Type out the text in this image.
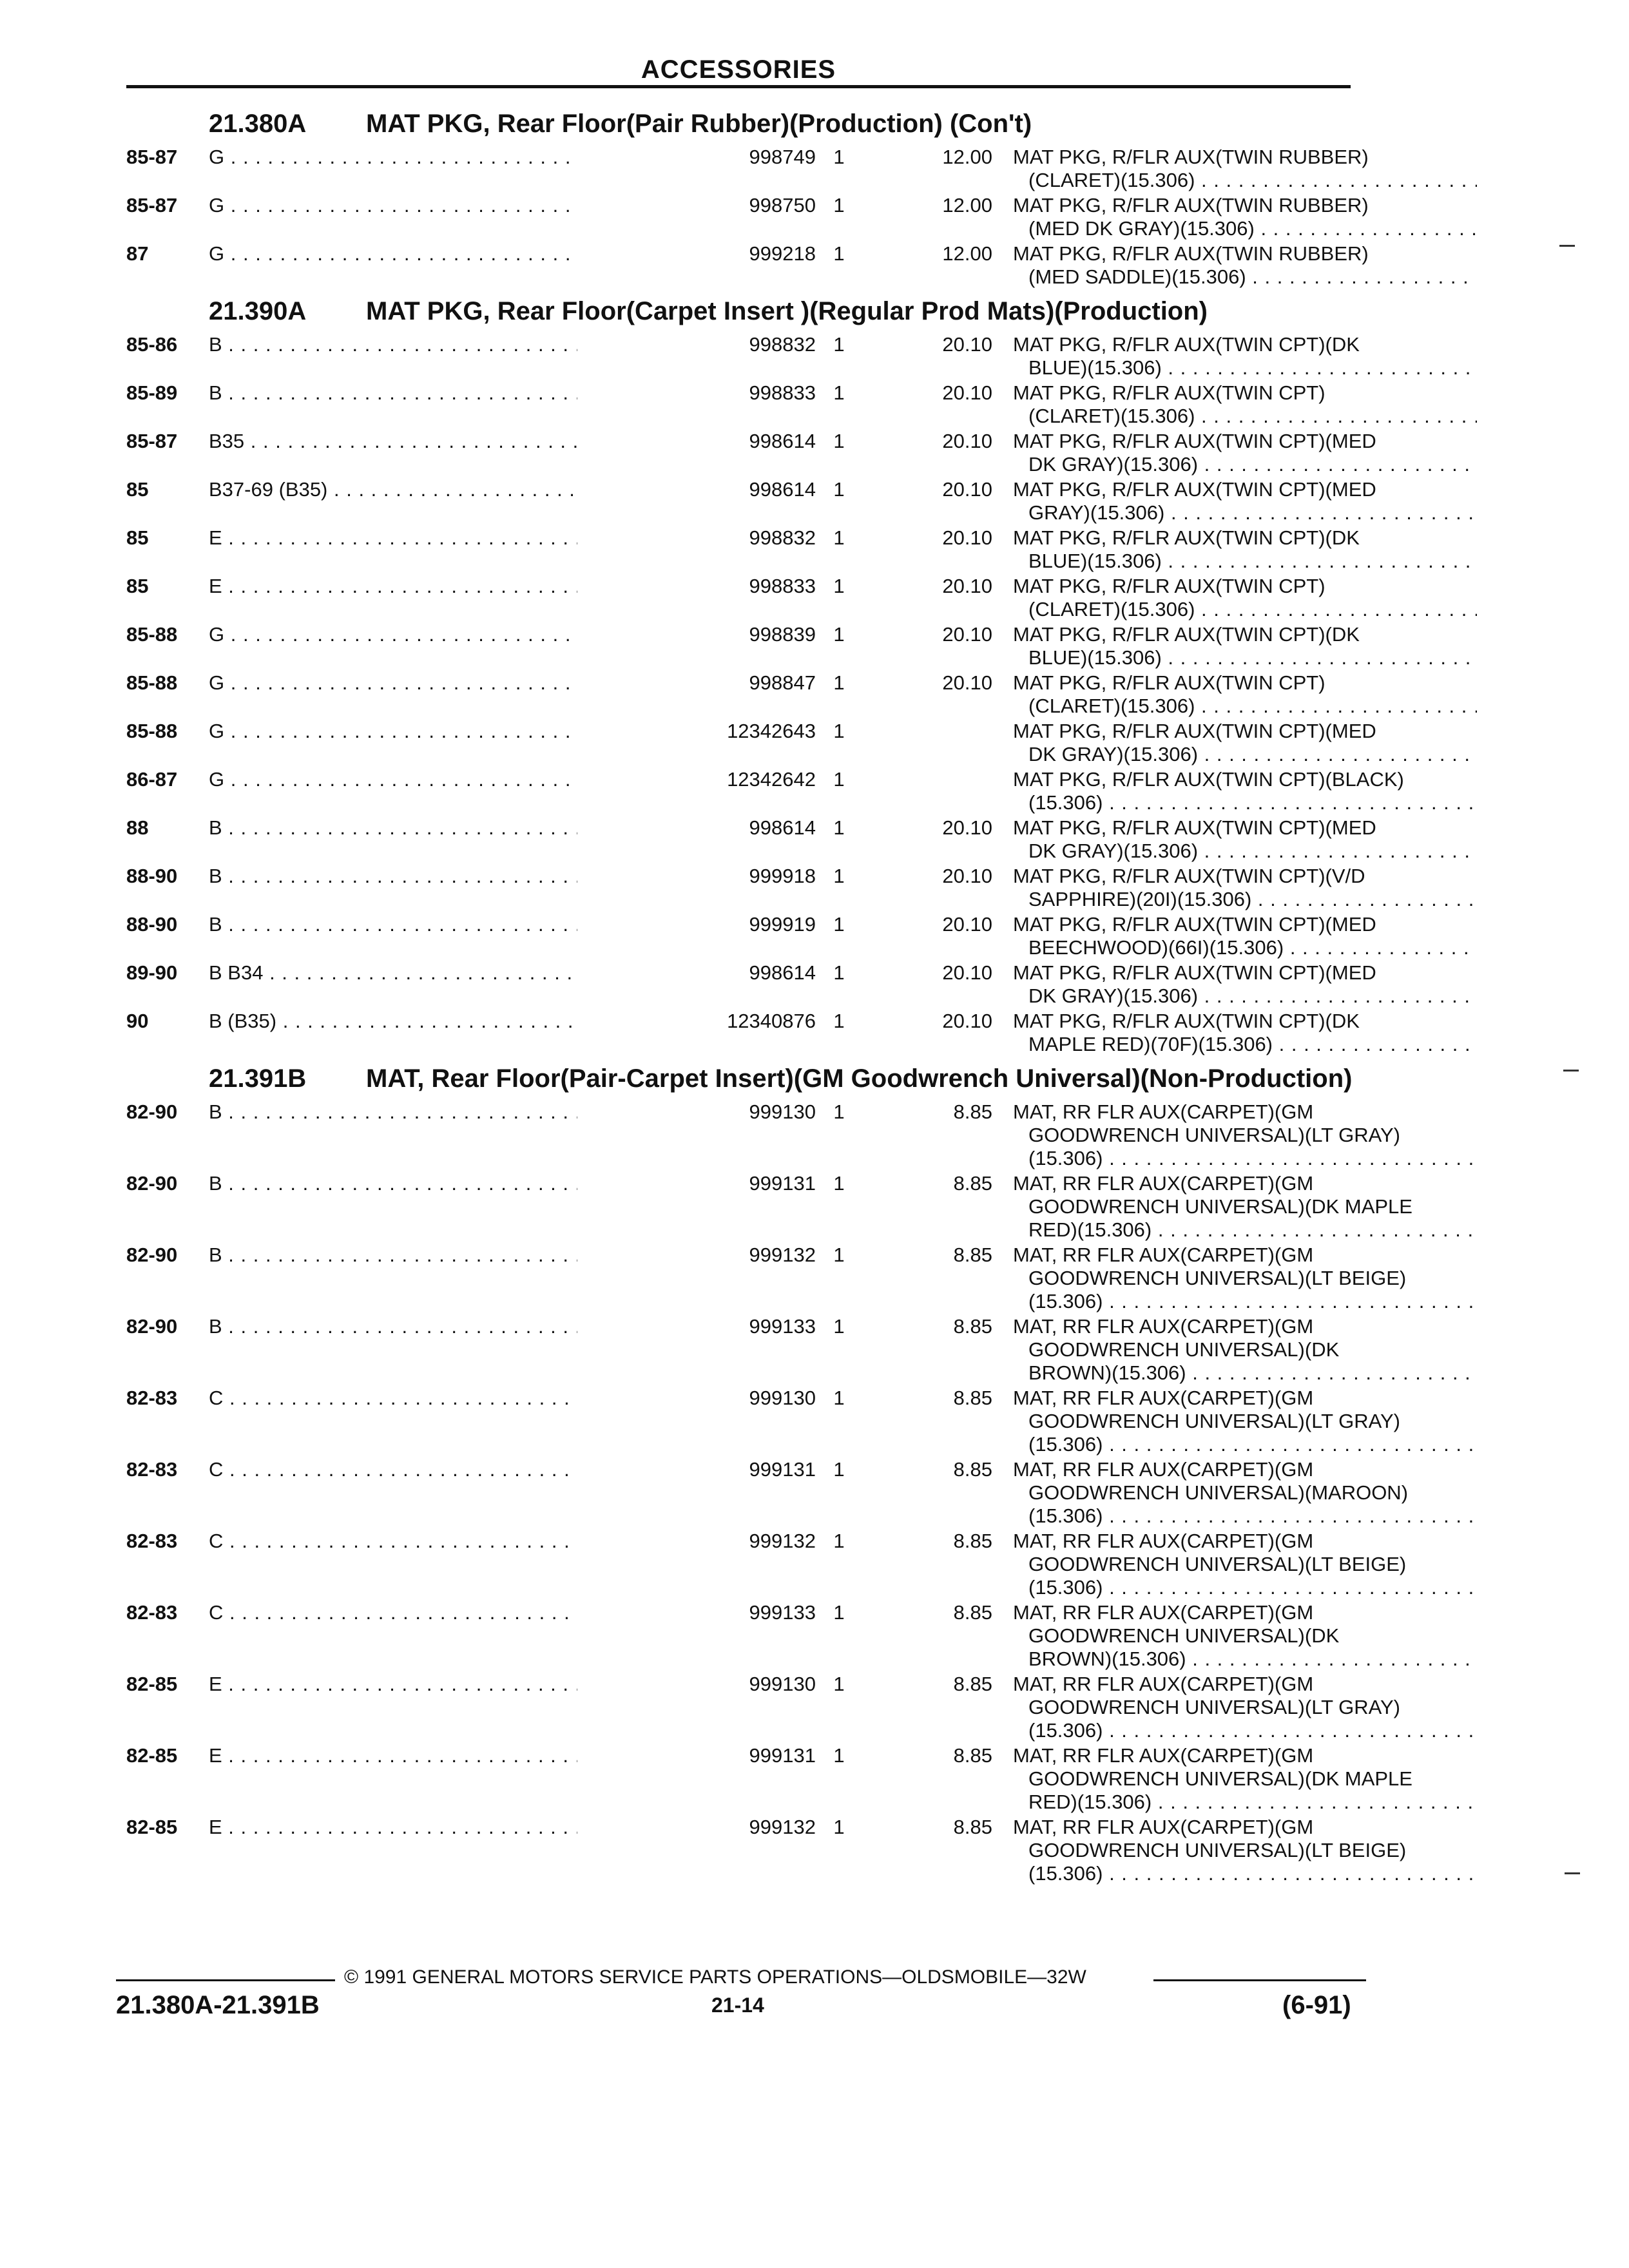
ACCESSORIES
21.380A MAT PKG, Rear Floor(Pair Rubber)(Production) (Con't)
85-87	G . . .	998749 1	12.00 MAT PKG, R/FLR AUX(TWIN RUBBER)
(CLARET)(15.306) . . .
85-87	G . . .	998750 1	12.00 MAT PKG, R/FLR AUX(TWIN RUBBER)
(MED DK GRAY)(15.306) . . .
87	G . . .	999218 1	12.00 MAT PKG, R/FLR AUX(TWIN RUBBER)
(MED SADDLE)(15.306) . . .
21.390A MAT PKG, Rear Floor(Carpet Insert )(Regular Prod Mats)(Production)
85-86	B . . .	998832 1	20.10 MAT PKG, R/FLR AUX(TWIN CPT)(DK
BLUE)(15.306) . . .
85-89	B . . .	998833 1	20.10 MAT PKG, R/FLR AUX(TWIN CPT)
(CLARET)(15.306) . . .
85-87	B35 . . .	998614 1	20.10 MAT PKG, R/FLR AUX(TWIN CPT)(MED
DK GRAY)(15.306) . . .
85	B37-69 (B35) . . .	998614 1	20.10 MAT PKG, R/FLR AUX(TWIN CPT)(MED
GRAY)(15.306) . . .
85	E . . .	998832 1	20.10 MAT PKG, R/FLR AUX(TWIN CPT)(DK
BLUE)(15.306) . . .
85	E . . .	998833 1	20.10 MAT PKG, R/FLR AUX(TWIN CPT)
(CLARET)(15.306) . . .
85-88	G . . .	998839 1	20.10 MAT PKG, R/FLR AUX(TWIN CPT)(DK
BLUE)(15.306) . . .
85-88	G . . .	998847 1	20.10 MAT PKG, R/FLR AUX(TWIN CPT)
(CLARET)(15.306) . . .
85-88	G . . .	12342643 1	MAT PKG, R/FLR AUX(TWIN CPT)(MED
DK GRAY)(15.306) . . .
86-87	G . . .	12342642 1	MAT PKG, R/FLR AUX(TWIN CPT)(BLACK)
(15.306) . . .
88	B . . .	998614 1	20.10 MAT PKG, R/FLR AUX(TWIN CPT)(MED
DK GRAY)(15.306) . . .
88-90	B . . .	999918 1	20.10 MAT PKG, R/FLR AUX(TWIN CPT)(V/D
SAPPHIRE)(20I)(15.306) . . .
88-90	B . . .	999919 1	20.10 MAT PKG, R/FLR AUX(TWIN CPT)(MED
BEECHWOOD)(66I)(15.306) . . .
89-90	B B34 . . .	998614 1	20.10 MAT PKG, R/FLR AUX(TWIN CPT)(MED
DK GRAY)(15.306) . . .
90	B (B35) . . .	12340876 1	20.10 MAT PKG, R/FLR AUX(TWIN CPT)(DK
MAPLE RED)(70F)(15.306) . . .
21.391B MAT, Rear Floor(Pair-Carpet Insert)(GM Goodwrench Universal)(Non-Production)
82-90	B . . .	999130 1	8.85 MAT, RR FLR AUX(CARPET)(GM
GOODWRENCH UNIVERSAL)(LT GRAY)
(15.306) . . .
82-90	B . . .	999131 1	8.85 MAT, RR FLR AUX(CARPET)(GM
GOODWRENCH UNIVERSAL)(DK MAPLE
RED)(15.306) . . .
82-90	B . . .	999132 1	8.85 MAT, RR FLR AUX(CARPET)(GM
GOODWRENCH UNIVERSAL)(LT BEIGE)
(15.306) . . .
82-90	B . . .	999133 1	8.85 MAT, RR FLR AUX(CARPET)(GM
GOODWRENCH UNIVERSAL)(DK
BROWN)(15.306) . . .
82-83	C . . .	999130 1	8.85 MAT, RR FLR AUX(CARPET)(GM
GOODWRENCH UNIVERSAL)(LT GRAY)
(15.306) . . .
82-83	C . . .	999131 1	8.85 MAT, RR FLR AUX(CARPET)(GM
GOODWRENCH UNIVERSAL)(MAROON)
(15.306) . . .
82-83	C . . .	999132 1	8.85 MAT, RR FLR AUX(CARPET)(GM
GOODWRENCH UNIVERSAL)(LT BEIGE)
(15.306) . . .
82-83	C . . .	999133 1	8.85 MAT, RR FLR AUX(CARPET)(GM
GOODWRENCH UNIVERSAL)(DK
BROWN)(15.306) . . .
82-85	E . . .	999130 1	8.85 MAT, RR FLR AUX(CARPET)(GM
GOODWRENCH UNIVERSAL)(LT GRAY)
(15.306) . . .
82-85	E . . .	999131 1	8.85 MAT, RR FLR AUX(CARPET)(GM
GOODWRENCH UNIVERSAL)(DK MAPLE
RED)(15.306) . . .
82-85	E . . .	999132 1	8.85 MAT, RR FLR AUX(CARPET)(GM
GOODWRENCH UNIVERSAL)(LT BEIGE)
(15.306) . . .
© 1991 GENERAL MOTORS SERVICE PARTS OPERATIONS—OLDSMOBILE—32W
21.380A-21.391B	21-14	(6-91)
